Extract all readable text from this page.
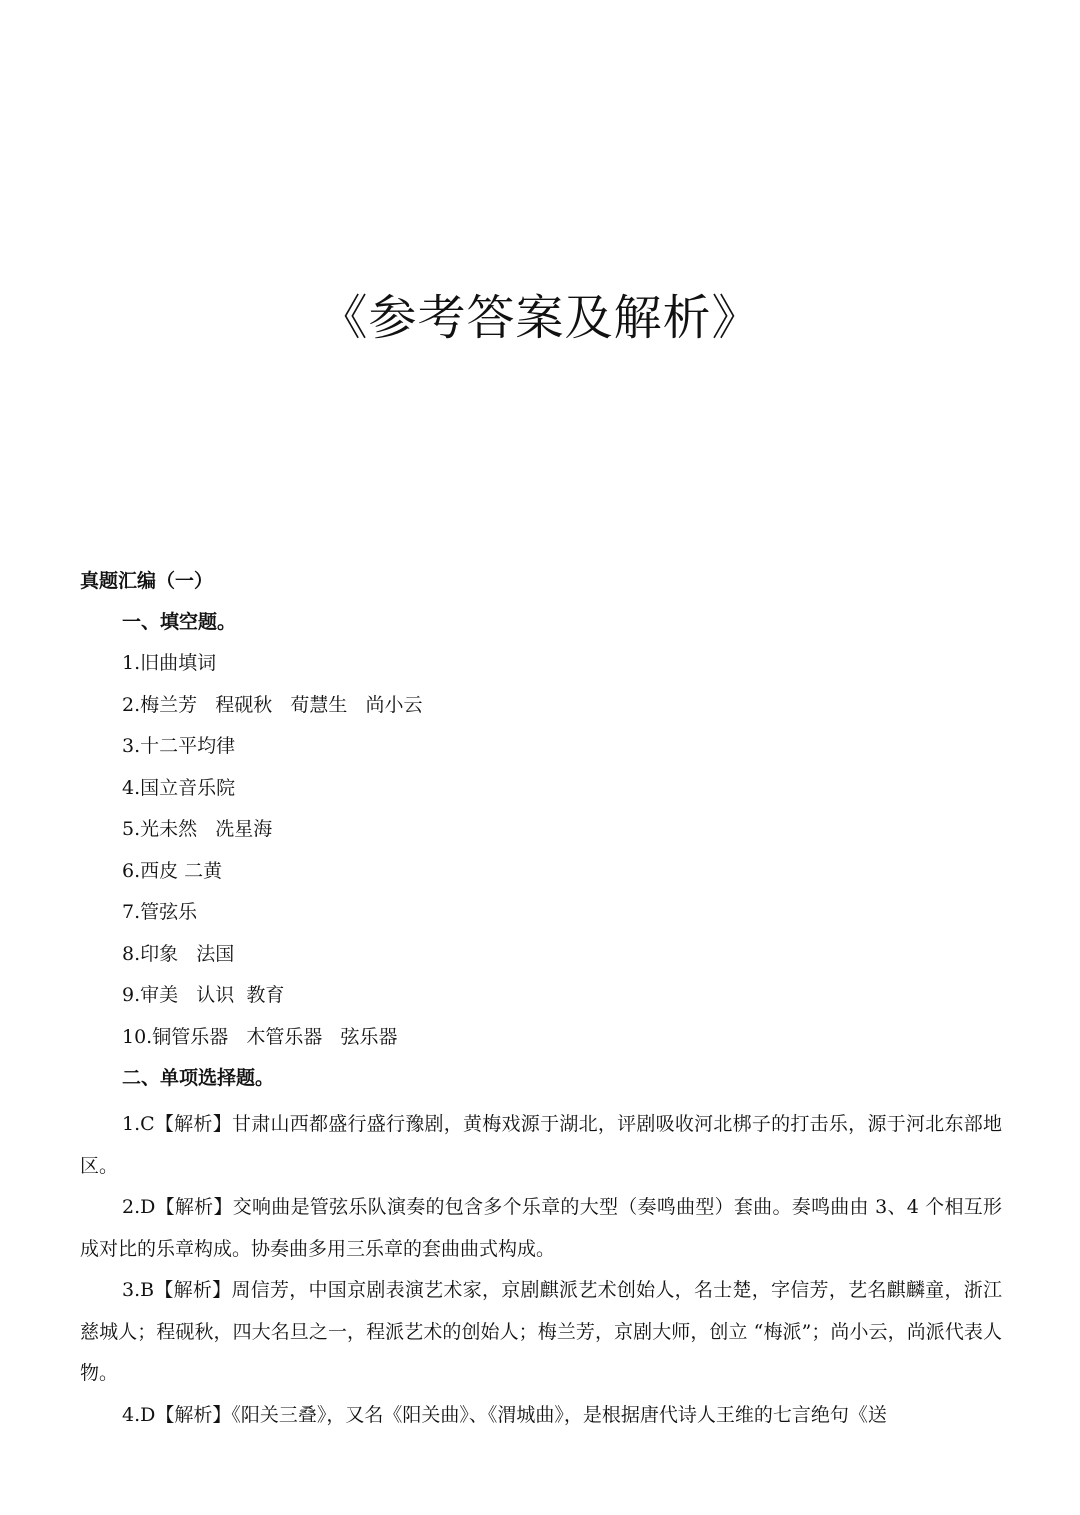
《参考答案及解析》
真题汇编（一）
一、填空题。
1.旧曲填词
2.梅兰芳   程砚秋   荀慧生   尚小云
3.十二平均律
4.国立音乐院
5.光未然   冼星海
6.西皮 二黄
7.管弦乐
8.印象   法国
9.审美   认识  教育
10.铜管乐器   木管乐器   弦乐器
二、单项选择题。

1.C【解析】甘肃山西都盛行盛行豫剧，黄梅戏源于湖北，评剧吸收河北梆子的打击乐，源于河北东部地区。

2.D【解析】交响曲是管弦乐队演奏的包含多个乐章的大型（奏鸣曲型）套曲。奏鸣曲由 3、4 个相互形成对比的乐章构成。协奏曲多用三乐章的套曲曲式构成。

3.B【解析】周信芳，中国京剧表演艺术家，京剧麒派艺术创始人，名士楚，字信芳，艺名麒麟童，浙江慈城人；程砚秋，四大名旦之一，程派艺术的创始人；梅兰芳，京剧大师，创立 “梅派”；尚小云，尚派代表人物。

4.D【解析】《阳关三叠》，又名《阳关曲》、《渭城曲》，是根据唐代诗人王维的七言绝句《送
